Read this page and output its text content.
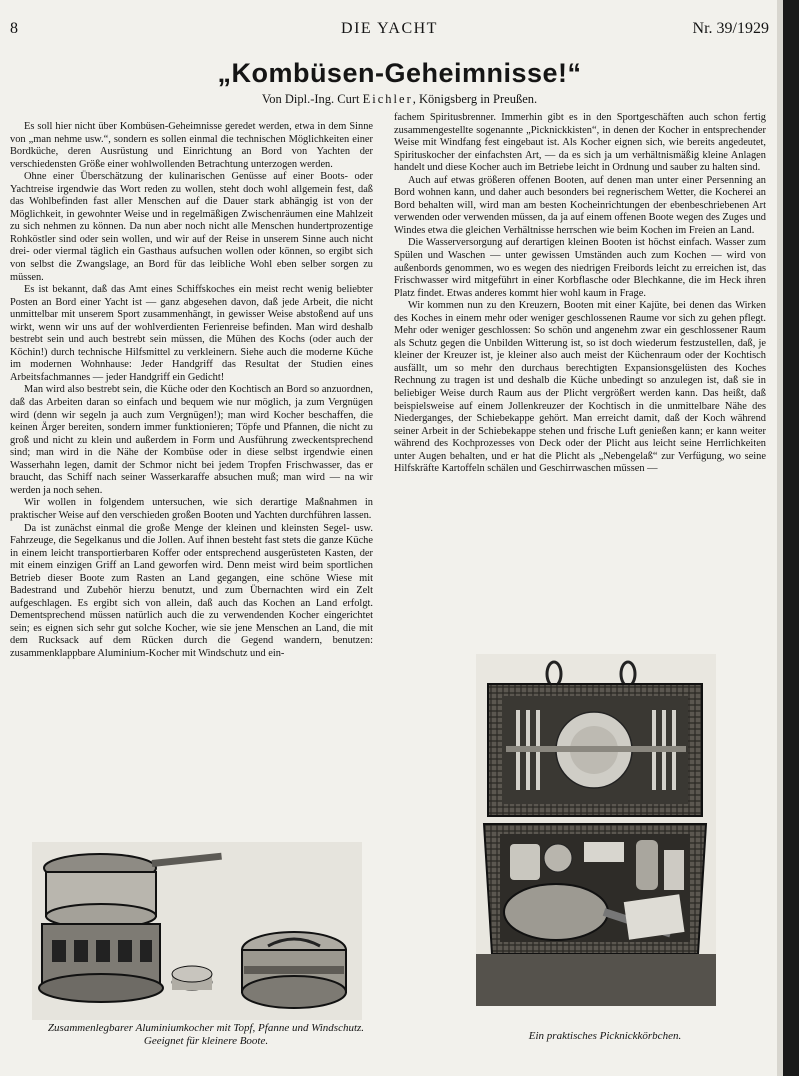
8	DIE YACHT	Nr. 39/1929
„Kombüsen-Geheimnisse!“
Von Dipl.-Ing. Curt Eichler, Königsberg in Preußen.

Es soll hier nicht über Kombüsen-Geheimnisse geredet werden, etwa in dem Sinne von „man nehme usw.“, sondern es sollen einmal die technischen Möglichkeiten einer Bordküche, deren Ausrüstung und Einrichtung an Bord von Yachten der verschiedensten Größe einer wohlwollenden Betrachtung unterzogen werden.

Ohne einer Überschätzung der kulinarischen Genüsse auf einer Boots- oder Yachtreise irgendwie das Wort reden zu wollen, steht doch wohl allgemein fest, daß das Wohlbefinden fast aller Menschen auf die Dauer stark abhängig ist von der Möglichkeit, in gewohnter Weise und in regelmäßigen Zwischenräumen eine Mahlzeit zu sich nehmen zu können. Da nun aber noch nicht alle Menschen hundertprozentige Rohköstler sind oder sein wollen, und wir auf der Reise in unserem Sinne auch nicht drei- oder viermal täglich ein Gasthaus aufsuchen wollen oder können, so ergibt sich von selbst die Zwangslage, an Bord für das leibliche Wohl eben selber sorgen zu müssen.

Es ist bekannt, daß das Amt eines Schiffskoches ein meist recht wenig beliebter Posten an Bord einer Yacht ist — ganz abgesehen davon, daß jede Arbeit, die nicht unmittelbar mit unserem Sport zusammenhängt, in gewisser Weise abstoßend auf uns wirkt, wenn wir uns auf der wohlverdienten Ferienreise befinden. Man wird deshalb bestrebt sein und auch bestrebt sein müssen, die Mühen des Kochs (oder auch der Köchin!) durch technische Hilfsmittel zu verkleinern. Siehe auch die moderne Küche im modernen Wohnhause: Jeder Handgriff das Resultat der Studien eines Arbeitsfachmannes — jeder Handgriff ein Gedicht!

Man wird also bestrebt sein, die Küche oder den Kochtisch an Bord so anzuordnen, daß das Arbeiten daran so einfach und bequem wie nur möglich, ja zum Vergnügen wird (denn wir segeln ja auch zum Vergnügen!); man wird Kocher beschaffen, die keinen Ärger bereiten, sondern immer funktionieren; Töpfe und Pfannen, die nicht zu groß und nicht zu klein und außerdem in Form und Ausführung zweckentsprechend sind; man wird in die Nähe der Kombüse oder in diese selbst irgendwie einen Wasserhahn legen, damit der Schmor nicht bei jedem Tropfen Frischwasser, das er braucht, das Schiff nach seiner Wasserkaraffe absuchen muß; man wird — na wir werden ja noch sehen.

Wir wollen in folgendem untersuchen, wie sich derartige Maßnahmen in praktischer Weise auf den verschieden großen Booten und Yachten durchführen lassen.

Da ist zunächst einmal die große Menge der kleinen und kleinsten Segel- usw. Fahrzeuge, die Segelkanus und die Jollen. Auf ihnen besteht fast stets die ganze Küche in einem leicht transportierbaren Koffer oder entsprechend ausgerüsteten Kasten, der mit einem einzigen Griff an Land geworfen wird. Denn meist wird beim sportlichen Betrieb dieser Boote zum Rasten an Land gegangen, eine schöne Wiese mit Badestrand und Zubehör hierzu benutzt, und zum Übernachten wird ein Zelt aufgeschlagen. Es ergibt sich von allein, daß auch das Kochen an Land erfolgt. Dementsprechend müssen natürlich auch die zu verwendenden Kocher eingerichtet sein; es eignen sich sehr gut solche Kocher, wie sie jene Menschen an Land, die mit dem Rucksack auf dem Rücken durch die Gegend wandern, benutzen: zusammenklappbare Aluminium-Kocher mit Windschutz und ein-

fachem Spiritusbrenner. Immerhin gibt es in den Sportgeschäften auch schon fertig zusammengestellte sogenannte „Picknickkisten“, in denen der Kocher in entsprechender Weise mit Windfang fest eingebaut ist. Als Kocher eignen sich, wie bereits angedeutet, Spirituskocher der einfachsten Art, — da es sich ja um verhältnismäßig kleine Anlagen handelt und diese Kocher auch im Betriebe leicht in Ordnung und sauber zu halten sind.

Auch auf etwas größeren offenen Booten, auf denen man unter einer Persenning an Bord wohnen kann, und daher auch besonders bei regnerischem Wetter, die Kocherei an Bord behalten will, wird man am besten Kocheinrichtungen der ebenbeschriebenen Art verwenden oder verwenden müssen, da ja auf einem offenen Boote wegen des Zuges und Windes etwa die gleichen Verhältnisse herrschen wie beim Kochen im Freien an Land.

Die Wasserversorgung auf derartigen kleinen Booten ist höchst einfach. Wasser zum Spülen und Waschen — unter gewissen Umständen auch zum Kochen — wird von außenbords genommen, wo es wegen des niedrigen Freibords leicht zu erreichen ist, das Frischwasser wird mitgeführt in einer Korbflasche oder Blechkanne, die im Heck ihren Platz findet. Etwas anderes kommt hier wohl kaum in Frage.

Wir kommen nun zu den Kreuzern, Booten mit einer Kajüte, bei denen das Wirken des Koches in einem mehr oder weniger geschlossenen Raume vor sich zu gehen pflegt. Mehr oder weniger geschlossen: So schön und angenehm zwar ein geschlossener Raum als Schutz gegen die Unbilden Witterung ist, so ist doch wiederum festzustellen, daß, je kleiner der Kreuzer ist, je kleiner also auch meist der Küchenraum oder der Kochtisch ausfällt, um so mehr den durchaus berechtigten Expansionsgelüsten des Koches Rechnung zu tragen ist und deshalb die Küche unbedingt so anzulegen ist, daß sie in beliebiger Weise durch Raum aus der Plicht vergrößert werden kann. Das heißt, daß beispielsweise auf einem Jollenkreuzer der Kochtisch in die unmittelbare Nähe des Niederganges, der Schiebekappe gehört. Man erreicht damit, daß der Koch während seiner Arbeit in der Schiebekappe stehen und frische Luft genießen kann; er kann weiter während des Kochprozesses von Deck oder der Plicht aus leicht seine Herrlichkeiten unter Augen behalten, und er hat die Plicht als „Nebengelaß“ zur Verfügung, wo seine Hilfskräfte Kartoffeln schälen und Geschirrwaschen müssen —

Zusammenlegbarer Aluminiumkocher mit Topf, Pfanne und Windschutz. Geeignet für kleinere Boote.	Ein praktisches Picknickkörbchen.
